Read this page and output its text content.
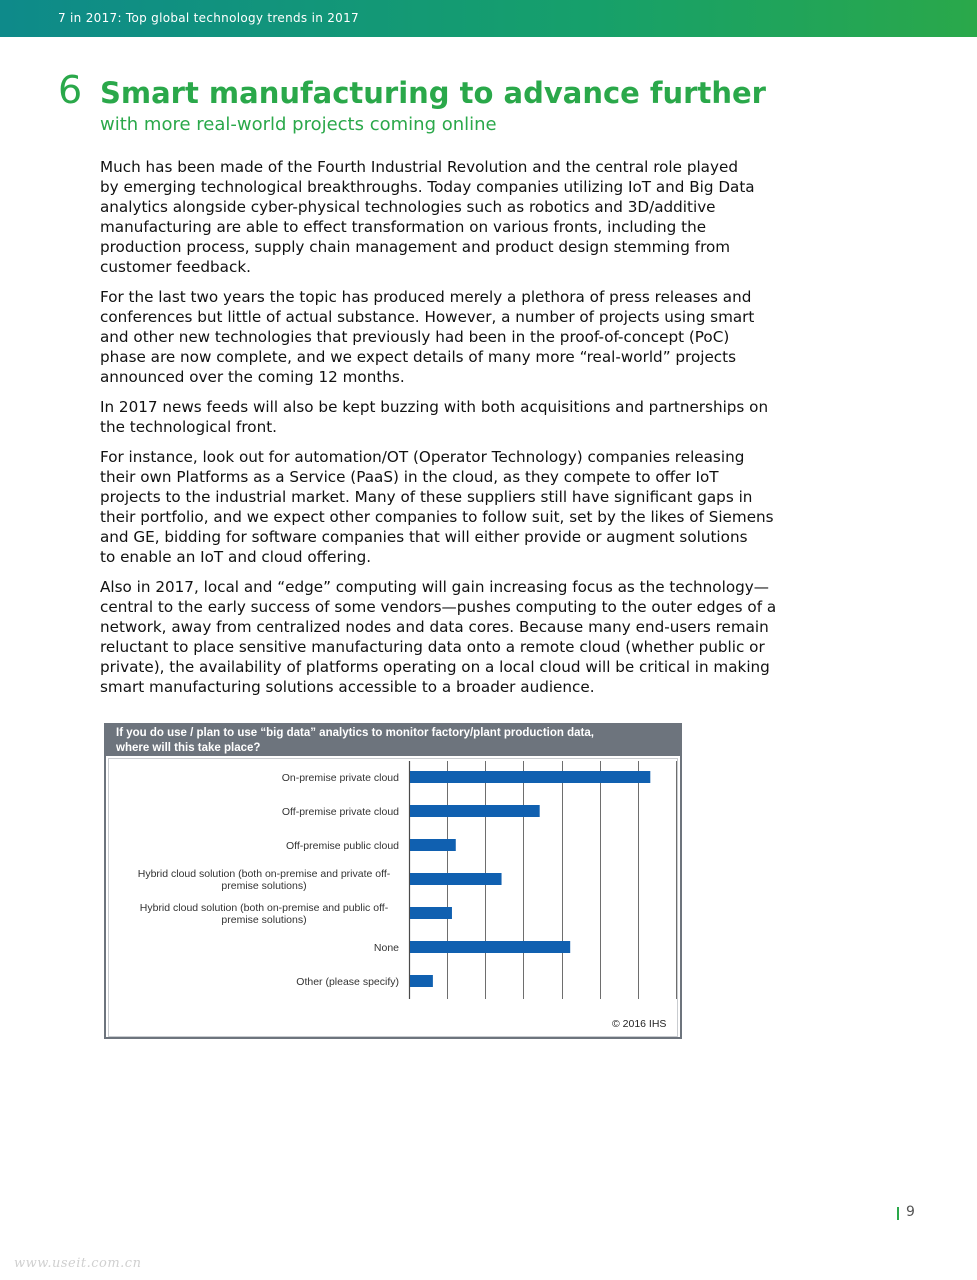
7 in 2017: Top global technology trends in 2017
6 Smart manufacturing to advance further
with more real-world projects coming online

Much has been made of the Fourth Industrial Revolution and the central role played
by emerging technological breakthroughs. Today companies utilizing IoT and Big Data
analytics alongside cyber-physical technologies such as robotics and 3D/additive
manufacturing are able to effect transformation on various fronts, including the
production process, supply chain management and product design stemming from
customer feedback.

For the last two years the topic has produced merely a plethora of press releases and
conferences but little of actual substance. However, a number of projects using smart
and other new technologies that previously had been in the proof-of-concept (PoC)
phase are now complete, and we expect details of many more “real-world” projects
announced over the coming 12 months.

In 2017 news feeds will also be kept buzzing with both acquisitions and partnerships on
the technological front.

For instance, look out for automation/OT (Operator Technology) companies releasing
their own Platforms as a Service (PaaS) in the cloud, as they compete to offer IoT
projects to the industrial market. Many of these suppliers still have significant gaps in
their portfolio, and we expect other companies to follow suit, set by the likes of Siemens
and GE, bidding for software companies that will either provide or augment solutions
to enable an IoT and cloud offering.

Also in 2017, local and “edge” computing will gain increasing focus as the technology—
central to the early success of some vendors—pushes computing to the outer edges of a
network, away from centralized nodes and data cores. Because many end-users remain
reluctant to place sensitive manufacturing data onto a remote cloud (whether public or
private), the availability of platforms operating on a local cloud will be critical in making
smart manufacturing solutions accessible to a broader audience.

If you do use / plan to use “big data” analytics to monitor factory/plant production data,
where will this take place?
On-premise private cloud
Off-premise private cloud
Off-premise public cloud
Hybrid cloud solution (both on-premise and private off-premise solutions)
Hybrid cloud solution (both on-premise and public off-premise solutions)
None
Other (please specify)
© 2016 IHS
9
www.useit.com.cn
